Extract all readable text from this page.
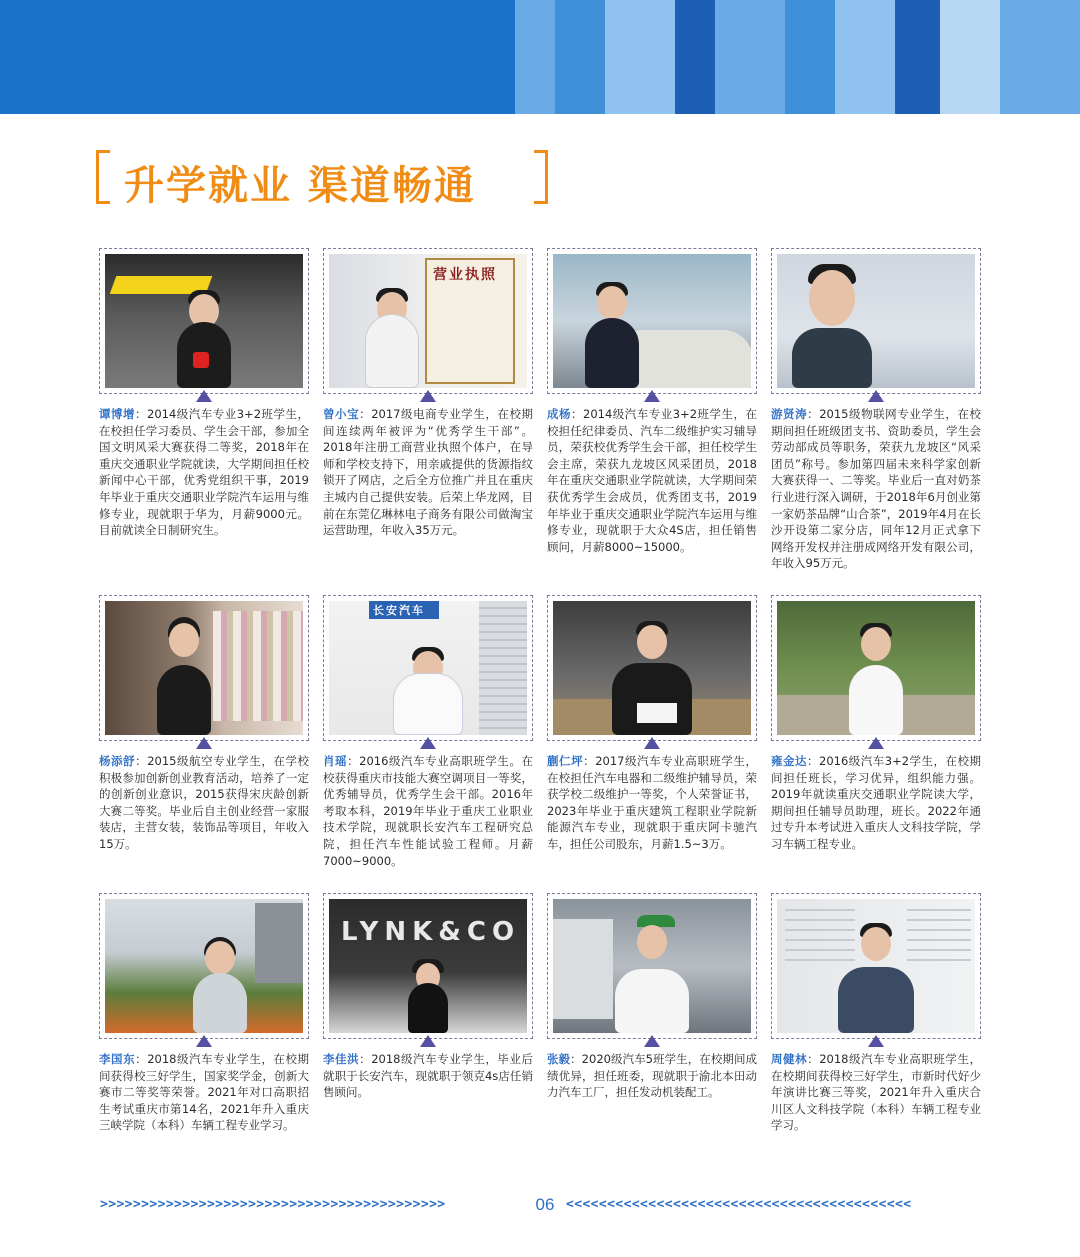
升学就业 渠道畅通
谭博增：2014级汽车专业3+2班学生，在校担任学习委员、学生会干部，参加全国文明风采大赛获得二等奖，2018年在重庆交通职业学院就读，大学期间担任校新闻中心干部，优秀党组织干事，2019年毕业于重庆交通职业学院汽车运用与维修专业，现就职于华为，月薪9000元。目前就读全日制研究生。
营业执照
曾小宝：2017级电商专业学生，在校期间连续两年被评为“优秀学生干部”。2018年注册工商营业执照个体户，在导师和学校支持下，用亲戚提供的货源指纹锁开了网店，之后全方位推广并且在重庆主城内自己提供安装。后荣上华龙网，目前在东莞亿琳林电子商务有限公司做淘宝运营助理，年收入35万元。
成杨：2014级汽车专业3+2班学生，在校担任纪律委员、汽车二级维护实习辅导员，荣获校优秀学生会干部，担任校学生会主席，荣获九龙坡区风采团员，2018年在重庆交通职业学院就读，大学期间荣获优秀学生会成员，优秀团支书，2019年毕业于重庆交通职业学院汽车运用与维修专业，现就职于大众4S店，担任销售顾问，月薪8000~15000。
游贤涛：2015级物联网专业学生，在校期间担任班级团支书、资助委员，学生会劳动部成员等职务，荣获九龙坡区“风采团员”称号。参加第四届未来科学家创新大赛获得一、二等奖。毕业后一直对奶茶行业进行深入调研，于2018年6月创业第一家奶茶品牌“山合茶”，2019年4月在长沙开设第二家分店，同年12月正式拿下网络开发权并注册成网络开发有限公司，年收入95万元。
杨添舒：2015级航空专业学生，在学校积极参加创新创业教育活动，培养了一定的创新创业意识，2015获得宋庆龄创新大赛二等奖。毕业后自主创业经营一家服装店，主营女装，装饰品等项目，年收入15万。
长安汽车
肖瑶：2016级汽车专业高职班学生。在校获得重庆市技能大赛空调项目一等奖，优秀辅导员，优秀学生会干部。2016年考取本科，2019年毕业于重庆工业职业技术学院，现就职长安汽车工程研究总院，担任汽车性能试验工程师。月薪7000~9000。
蒯仁坪：2017级汽车专业高职班学生，在校担任汽车电器和二级维护辅导员，荣获学校二级维护一等奖，个人荣誉证书，2023年毕业于重庆建筑工程职业学院新能源汽车专业，现就职于重庆阿卡驰汽车，担任公司股东，月薪1.5~3万。
雍金达：2016级汽车3+2学生，在校期间担任班长，学习优异，组织能力强。2019年就读重庆交通职业学院读大学，期间担任辅导员助理，班长。2022年通过专升本考试进入重庆人文科技学院，学习车辆工程专业。
李国东：2018级汽车专业学生，在校期间获得校三好学生，国家奖学金，创新大赛市二等奖等荣誉。2021年对口高职招生考试重庆市第14名，2021年升入重庆三峡学院（本科）车辆工程专业学习。
LYNK&CO
李佳洪：2018级汽车专业学生，毕业后就职于长安汽车，现就职于领克4s店任销售顾问。
张毅：2020级汽车5班学生，在校期间成绩优异，担任班委，现就职于渝北本田动力汽车工厂，担任发动机装配工。
周健林：2018级汽车专业高职班学生，在校期间获得校三好学生，市新时代好少年演讲比赛三等奖，2021年升入重庆合川区人文科技学院（本科）车辆工程专业学习。
>>>>>>>>>>>>>>>>>>>>>>>>>>>>>>>>>>>>>>>>>>	06 <<<<<<<<<<<<<<<<<<<<<<<<<<<<<<<<<<<<<<<<<<
